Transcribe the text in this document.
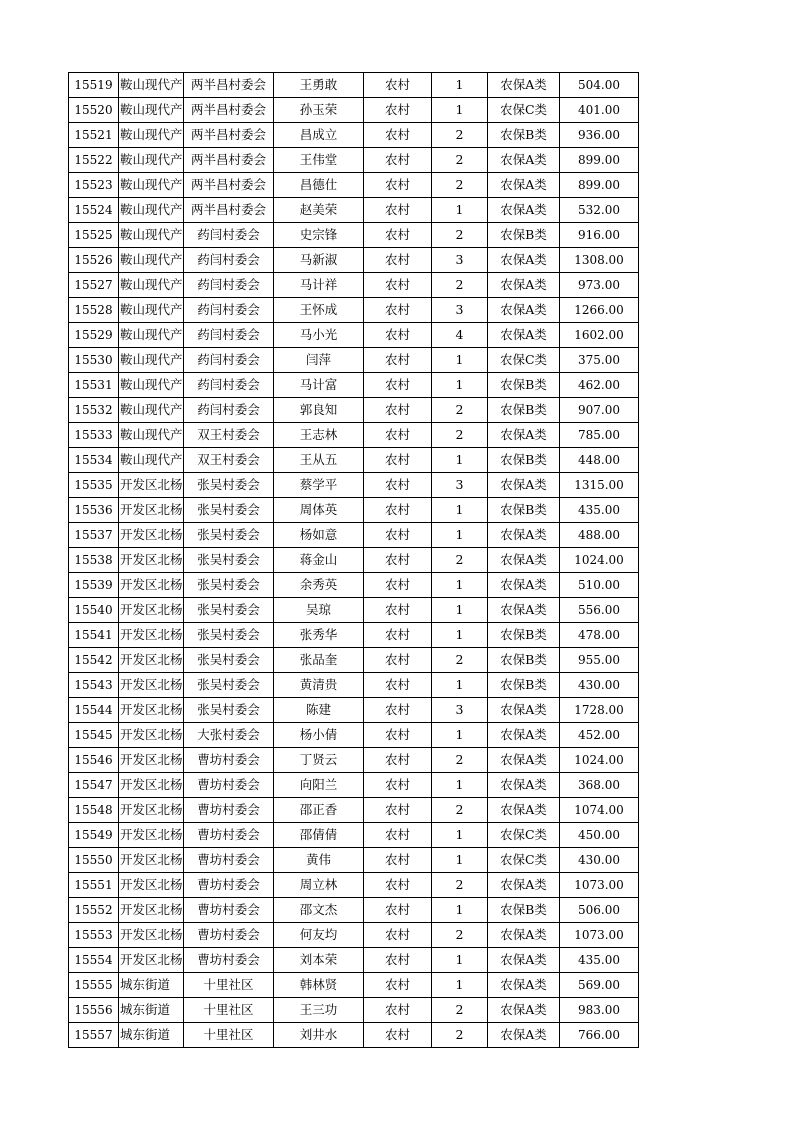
15519	鞍山现代产	两半昌村委会	王勇敢	农村	1	农保A类	504.00
15520	鞍山现代产	两半昌村委会	孙玉荣	农村	1	农保C类	401.00
15521	鞍山现代产	两半昌村委会	昌成立	农村	2	农保B类	936.00
15522	鞍山现代产	两半昌村委会	王伟堂	农村	2	农保A类	899.00
15523	鞍山现代产	两半昌村委会	昌德仕	农村	2	农保A类	899.00
15524	鞍山现代产	两半昌村委会	赵美荣	农村	1	农保A类	532.00
15525	鞍山现代产	药闫村委会	史宗锋	农村	2	农保B类	916.00
15526	鞍山现代产	药闫村委会	马新淑	农村	3	农保A类	1308.00
15527	鞍山现代产	药闫村委会	马计祥	农村	2	农保A类	973.00
15528	鞍山现代产	药闫村委会	王怀成	农村	3	农保A类	1266.00
15529	鞍山现代产	药闫村委会	马小光	农村	4	农保A类	1602.00
15530	鞍山现代产	药闫村委会	闫萍	农村	1	农保C类	375.00
15531	鞍山现代产	药闫村委会	马计富	农村	1	农保B类	462.00
15532	鞍山现代产	药闫村委会	郭良知	农村	2	农保B类	907.00
15533	鞍山现代产	双王村委会	王志林	农村	2	农保A类	785.00
15534	鞍山现代产	双王村委会	王从五	农村	1	农保B类	448.00
15535	开发区北杨	张吴村委会	蔡学平	农村	3	农保A类	1315.00
15536	开发区北杨	张吴村委会	周体英	农村	1	农保B类	435.00
15537	开发区北杨	张吴村委会	杨如意	农村	1	农保A类	488.00
15538	开发区北杨	张吴村委会	蒋金山	农村	2	农保A类	1024.00
15539	开发区北杨	张吴村委会	余秀英	农村	1	农保A类	510.00
15540	开发区北杨	张吴村委会	吴琼	农村	1	农保A类	556.00
15541	开发区北杨	张吴村委会	张秀华	农村	1	农保B类	478.00
15542	开发区北杨	张吴村委会	张品奎	农村	2	农保B类	955.00
15543	开发区北杨	张吴村委会	黄清贵	农村	1	农保B类	430.00
15544	开发区北杨	张吴村委会	陈建	农村	3	农保A类	1728.00
15545	开发区北杨	大张村委会	杨小倩	农村	1	农保A类	452.00
15546	开发区北杨	曹坊村委会	丁贤云	农村	2	农保A类	1024.00
15547	开发区北杨	曹坊村委会	向阳兰	农村	1	农保A类	368.00
15548	开发区北杨	曹坊村委会	邵正香	农村	2	农保A类	1074.00
15549	开发区北杨	曹坊村委会	邵倩倩	农村	1	农保C类	450.00
15550	开发区北杨	曹坊村委会	黄伟	农村	1	农保C类	430.00
15551	开发区北杨	曹坊村委会	周立林	农村	2	农保A类	1073.00
15552	开发区北杨	曹坊村委会	邵文杰	农村	1	农保B类	506.00
15553	开发区北杨	曹坊村委会	何友均	农村	2	农保A类	1073.00
15554	开发区北杨	曹坊村委会	刘本荣	农村	1	农保A类	435.00
15555	城东街道	十里社区	韩林贤	农村	1	农保A类	569.00
15556	城东街道	十里社区	王三功	农村	2	农保A类	983.00
15557	城东街道	十里社区	刘井水	农村	2	农保A类	766.00
